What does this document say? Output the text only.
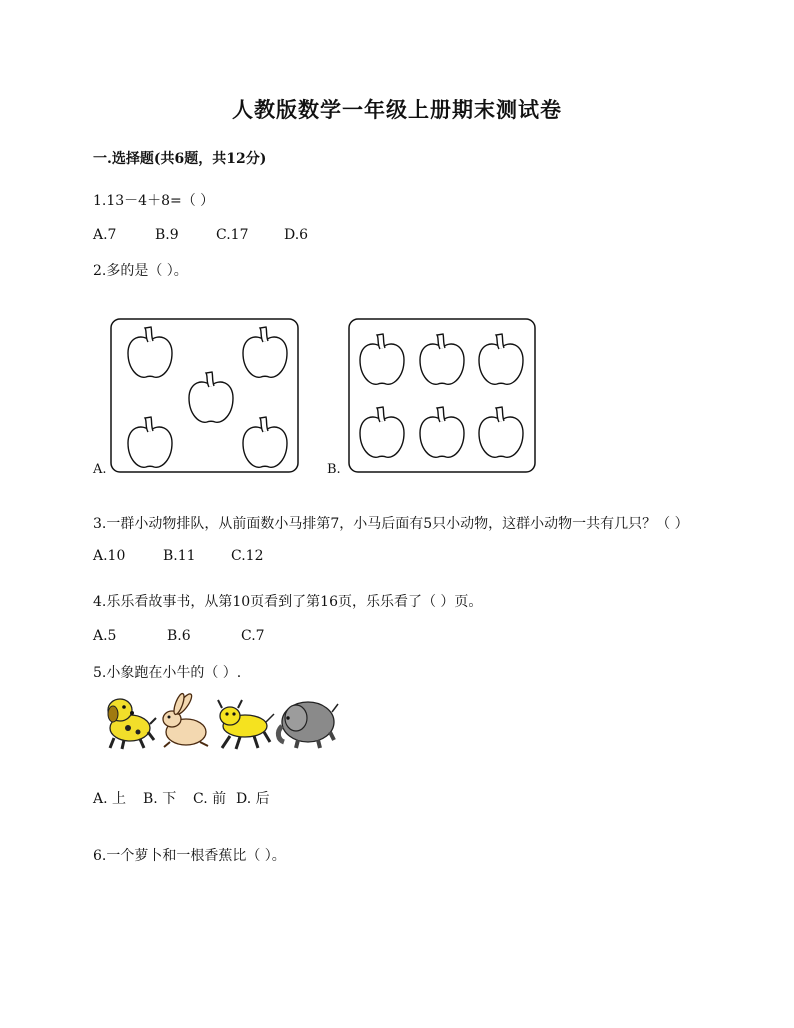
人教版数学一年级上册期末测试卷
一.选择题(共6题，共12分)
1.13－4＋8=（ ）
A.7	B.9	C.17	D.6
2.多的是（ ）。
A.	B.
3.一群小动物排队，从前面数小马排第7，小马后面有5只小动物，这群小动物一共有几只？（ ）
A.10	B.11	C.12
4.乐乐看故事书，从第10页看到了第16页，乐乐看了（ ）页。
A.5	B.6	C.7
5.小象跑在小牛的（ ）.
A. 上 B. 下 C. 前 D. 后
6.一个萝卜和一根香蕉比（ ）。
